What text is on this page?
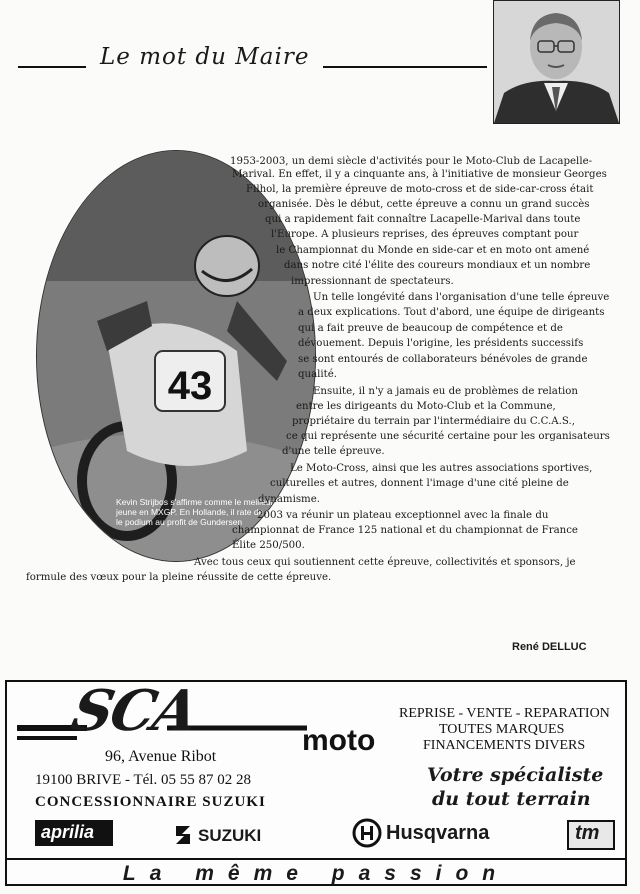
Le mot du Maire
43
Kevin Strijbos s'affirme comme le meilleur jeune en MXGP. En Hollande, il rate de peu le podium au profit de Gundersen
1953-2003, un demi siècle d'activités pour le Moto-Club de Lacapelle-
Marival. En effet, il y a cinquante ans, à l'initiative de monsieur Georges
Filhol, la première épreuve de moto-cross et de side-car-cross était
organisée. Dès le début, cette épreuve a connu un grand succès
qui a rapidement fait connaître Lacapelle-Marival dans toute
l'Europe. A plusieurs reprises, des épreuves comptant pour
le Championnat du Monde en side-car et en moto ont amené
dans notre cité l'élite des coureurs mondiaux et un nombre
impressionnant de spectateurs.
Un telle longévité dans l'organisation d'une telle épreuve
a deux explications. Tout d'abord, une équipe de dirigeants
qui a fait preuve de beaucoup de compétence et de
dévouement. Depuis l'origine, les présidents successifs
se sont entourés de collaborateurs bénévoles de grande
qualité.
Ensuite, il n'y a jamais eu de problèmes de relation
entre les dirigeants du Moto-Club et la Commune,
propriétaire du terrain par l'intermédiaire du C.C.A.S.,
ce qui représente une sécurité certaine pour les organisateurs
d'une telle épreuve.
Le Moto-Cross, ainsi que les autres associations sportives,
culturelles et autres, donnent l'image d'une cité pleine de
dynamisme.
2003 va réunir un plateau exceptionnel avec la finale du
championnat de France 125 national et du championnat de France
Élite 250/500.
Avec tous ceux qui soutiennent cette épreuve, collectivités et sponsors, je
formule des vœux pour la pleine réussite de cette épreuve.
René DELLUC
SCA	moto
96, Avenue Ribot
19100 BRIVE - Tél. 05 55 87 02 28
CONCESSIONNAIRE SUZUKI
REPRISE - VENTE - REPARATION
TOUTES MARQUES
FINANCEMENTS DIVERS
Votre spécialiste
du tout terrain
aprilia	SUZUKI	Husqvarna	tm
La même passion
